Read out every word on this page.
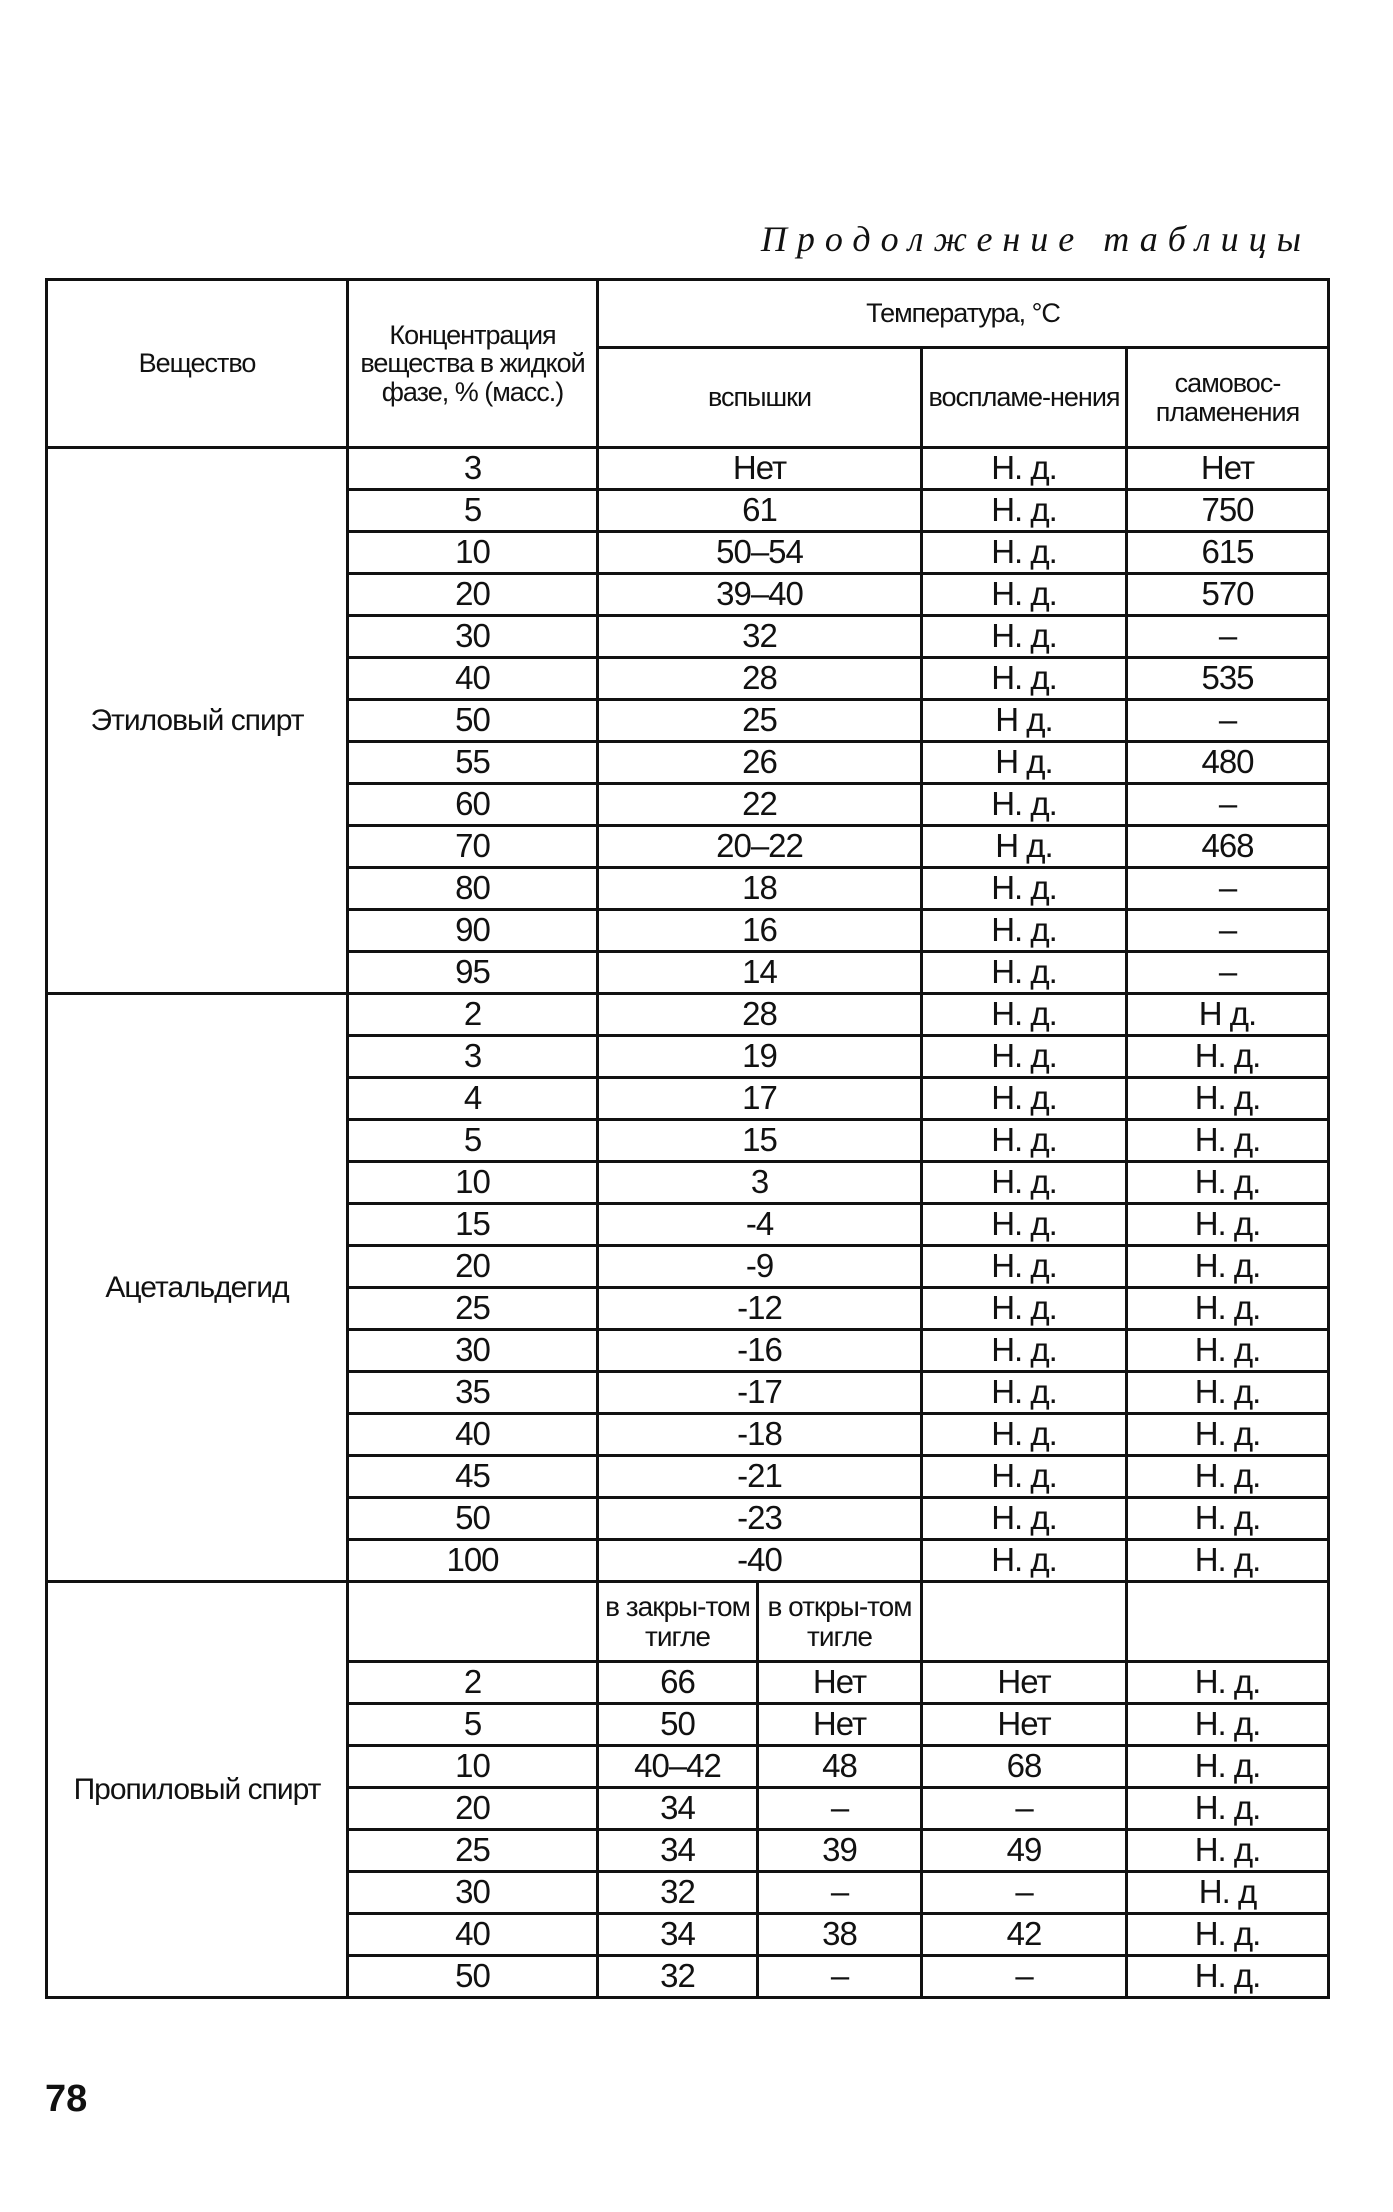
Продолжение таблицы
Вещество	Концентрация вещества в жидкой фазе, % (масс.)	Температура, °С			
		вспышки		воспламе-нения	самовос-пламенения
Этиловый спирт	3	Нет		Н. д.	Нет
	5	61		Н. д.	750
	10	50–54		Н. д.	615
	20	39–40		Н. д.	570
	30	32		Н. д.	–
	40	28		Н. д.	535
	50	25		Н д.	–
	55	26		Н д.	480
	60	22		Н. д.	–
	70	20–22		Н д.	468
	80	18		Н. д.	–
	90	16		Н. д.	–
	95	14		Н. д.	–
Ацетальдегид	2	28		Н. д.	Н д.
	3	19		Н. д.	Н. д.
	4	17		Н. д.	Н. д.
	5	15		Н. д.	Н. д.
	10	3		Н. д.	Н. д.
	15	-4		Н. д.	Н. д.
	20	-9		Н. д.	Н. д.
	25	-12		Н. д.	Н. д.
	30	-16		Н. д.	Н. д.
	35	-17		Н. д.	Н. д.
	40	-18		Н. д.	Н. д.
	45	-21		Н. д.	Н. д.
	50	-23		Н. д.	Н. д.
	100	-40		Н. д.	Н. д.
Пропиловый спирт		в закры-том тигле	в откры-том тигле		
	2	66	Нет	Нет	Н. д.
	5	50	Нет	Нет	Н. д.
	10	40–42	48	68	Н. д.
	20	34	–	–	Н. д.
	25	34	39	49	Н. д.
	30	32	–	–	Н. д
	40	34	38	42	Н. д.
	50	32	–	–	Н. д.
78
